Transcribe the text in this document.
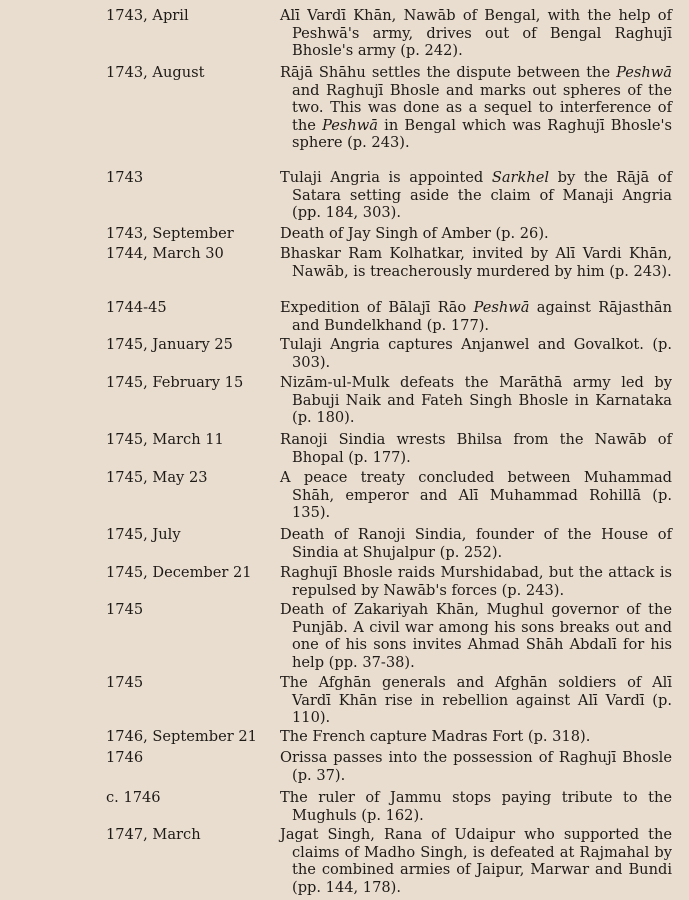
1743, April	Alī Vardī Khān, Nawāb of Bengal, with the help of Peshwā's army, drives out of Bengal Raghujī Bhosle's army (p. 242).
1743, August	Rājā Shāhu settles the dispute between the Peshwā and Raghujī Bhosle and marks out spheres of the two. This was done as a sequel to interference of the Peshwā in Bengal which was Raghujī Bhosle's sphere (p. 243).
1743	Tulaji Angria is appointed Sarkhel by the Rājā of Satara setting aside the claim of Manaji Angria (pp. 184, 303).
1743, September	Death of Jay Singh of Amber (p. 26).
1744, March 30	Bhaskar Ram Kolhatkar, invited by Alī Vardi Khān, Nawāb, is treacherously murdered by him (p. 243).
1744-45	Expedition of Bālajī Rāo Peshwā against Rājasthān and Bundelkhand (p. 177).
1745, January 25	Tulaji Angria captures Anjanwel and Govalkot. (p. 303).
1745, February 15	Nizām-ul-Mulk defeats the Marāthā army led by Babuji Naik and Fateh Singh Bhosle in Karnataka (p. 180).
1745, March 11	Ranoji Sindia wrests Bhilsa from the Nawāb of Bhopal (p. 177).
1745, May 23	A peace treaty concluded between Muhammad Shāh, emperor and Alī Muhammad Rohillā (p. 135).
1745, July	Death of Ranoji Sindia, founder of the House of Sindia at Shujalpur (p. 252).
1745, December 21	Raghujī Bhosle raids Murshidabad, but the attack is repulsed by Nawāb's forces (p. 243).
1745	Death of Zakariyah Khān, Mughul governor of the Punjāb. A civil war among his sons breaks out and one of his sons invites Ahmad Shāh Abdalī for his help (pp. 37-38).
1745	The Afghān generals and Afghān soldiers of Alī Vardī Khān rise in rebellion against Alī Vardī (p. 110).
1746, September 21	The French capture Madras Fort (p. 318).
1746	Orissa passes into the possession of Raghujī Bhosle (p. 37).
c. 1746	The ruler of Jammu stops paying tribute to the Mughuls (p. 162).
1747, March	Jagat Singh, Rana of Udaipur who supported the claims of Madho Singh, is defeated at Rajmahal by the combined armies of Jaipur, Marwar and Bundi (pp. 144, 178).
